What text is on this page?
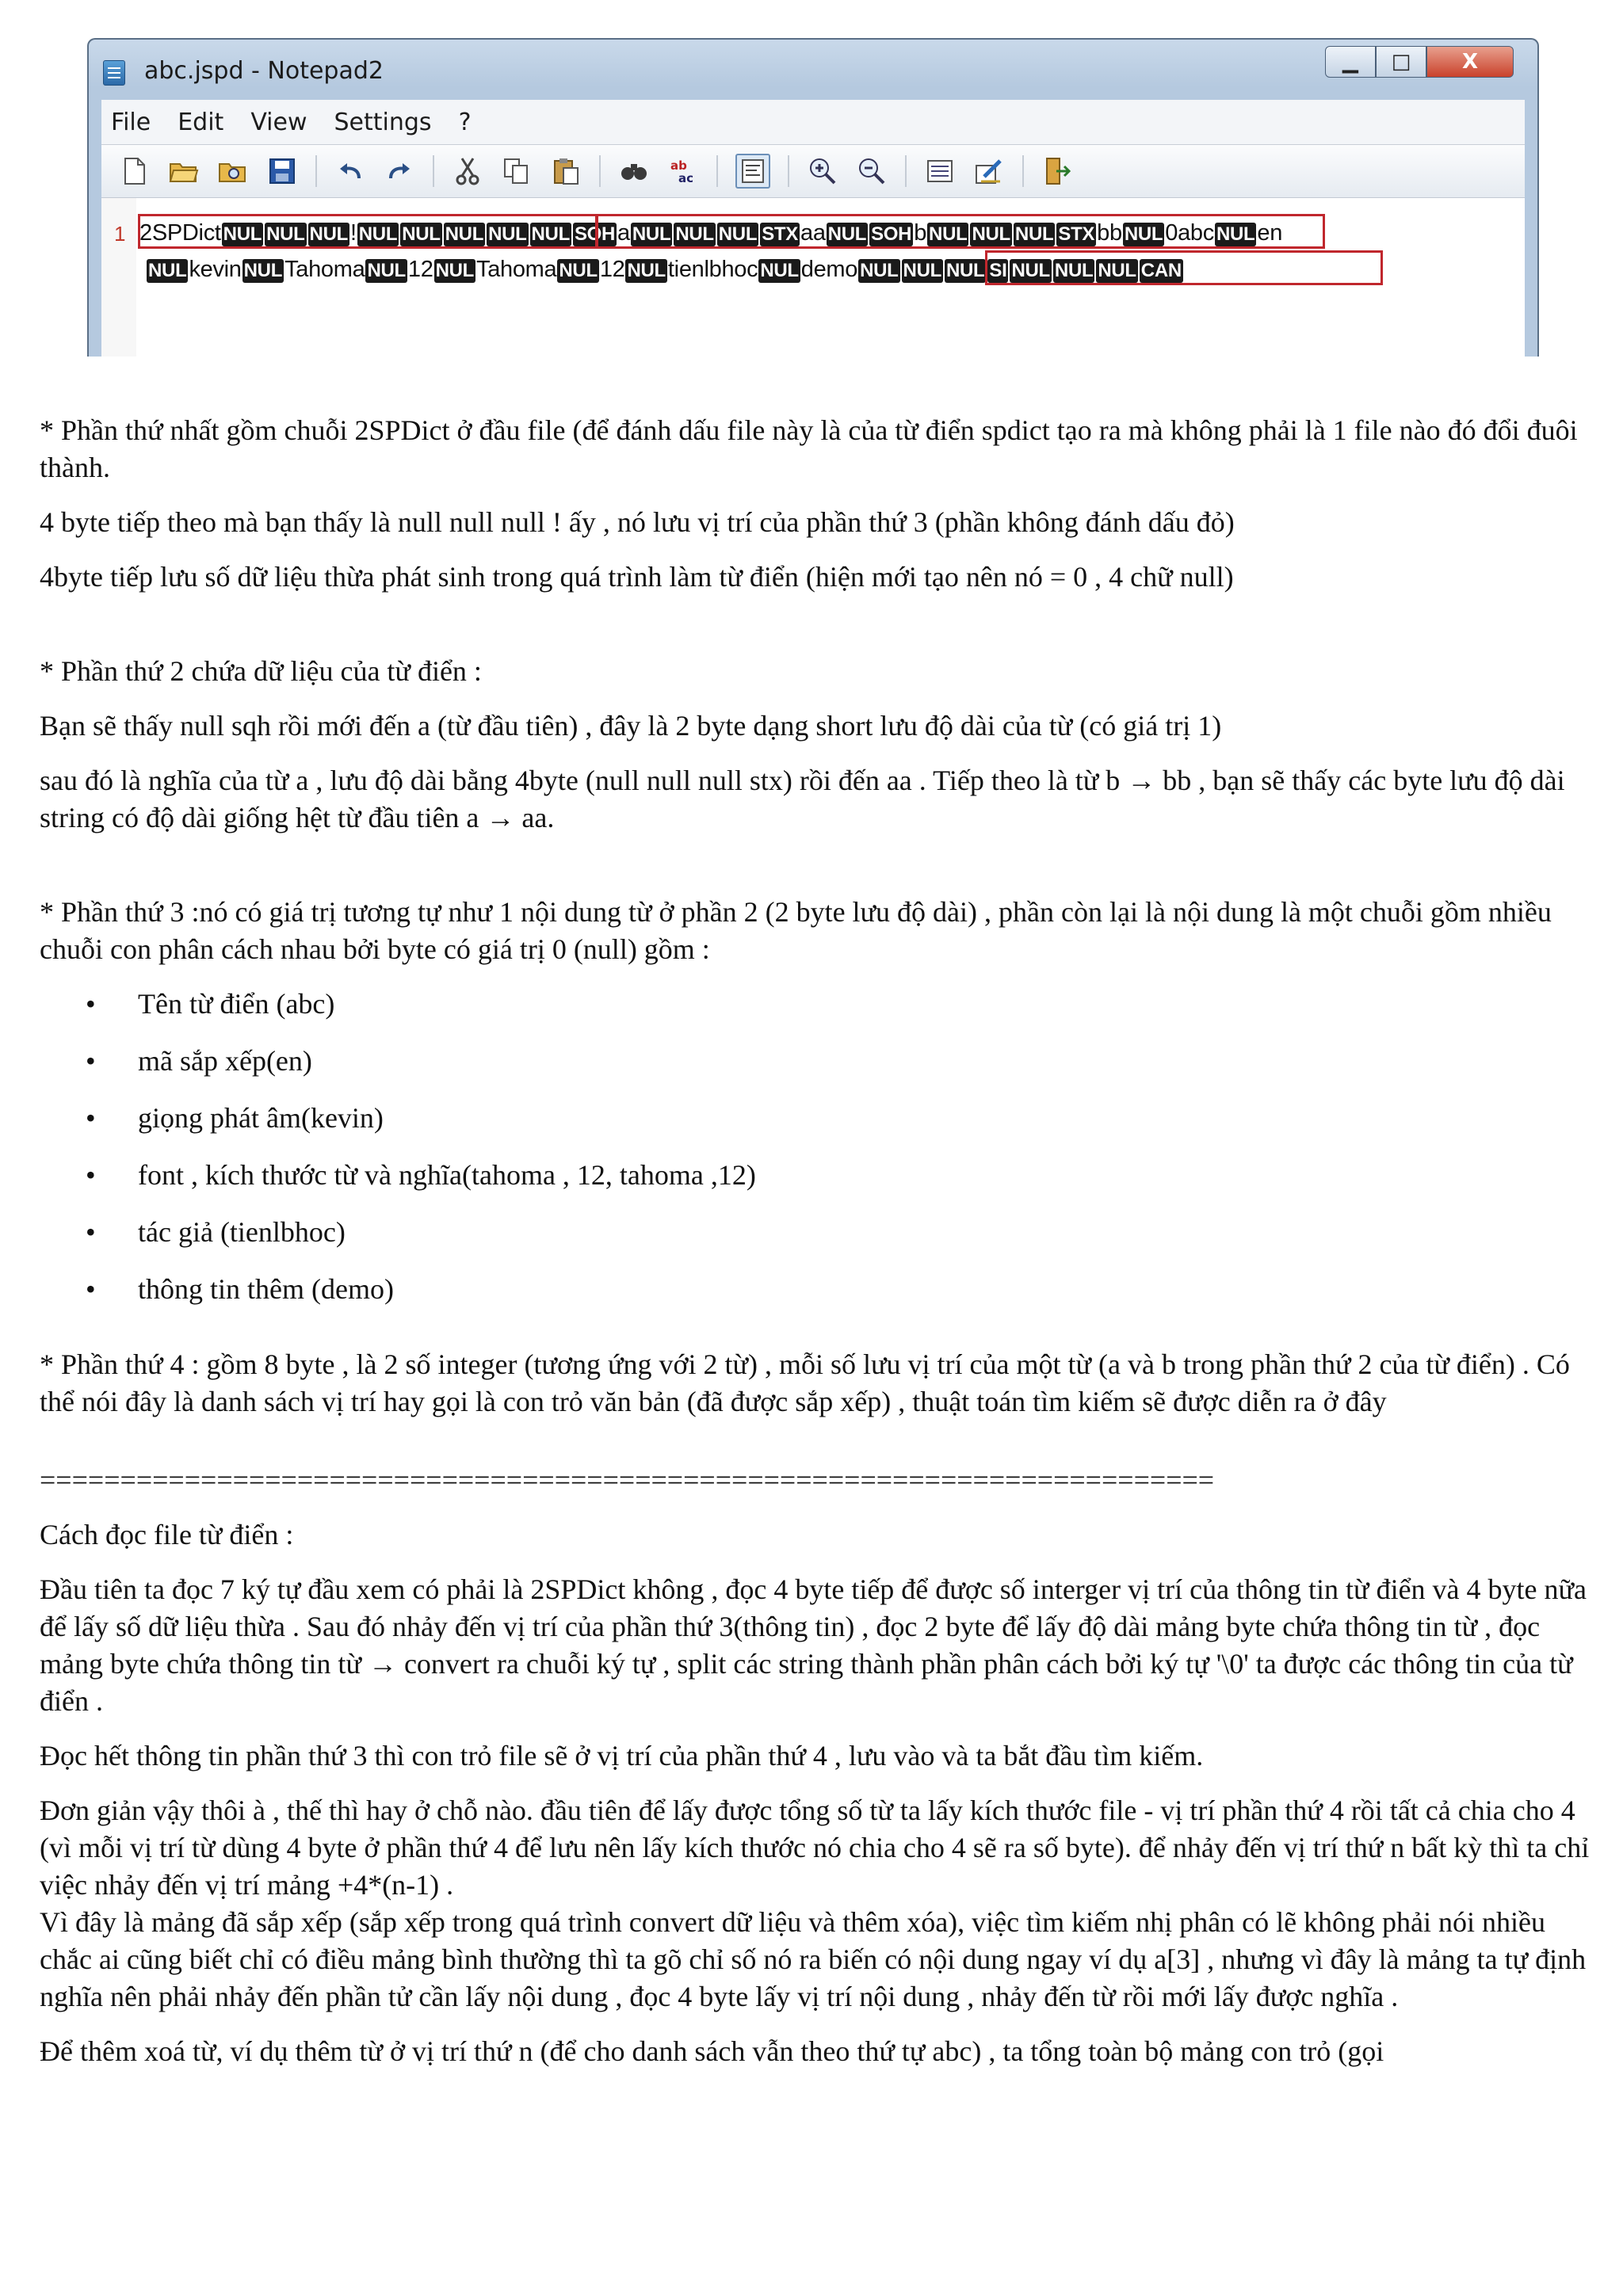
abc.jspd - Notepad2	▁	□	X
File Edit View Settings ?
ab
ac
1 2SPDict NUL NUL NUL ! NUL NUL NUL NUL NUL SOH a NUL NUL NUL STX aa NUL SOH b NUL NUL NUL STX bb NUL 0abc NUL en
NUL kevin NUL Tahoma NUL 12 NUL Tahoma NUL 12 NUL tienlbhoc NUL demo NUL NUL NUL SI NUL NUL NUL CAN

* Phần thứ nhất gồm chuỗi 2SPDict ở đầu file (để đánh dấu file này là của từ điển spdict tạo ra mà không phải là 1 file nào đó đổi đuôi thành.

4 byte tiếp theo mà bạn thấy là null null null ! ấy , nó lưu vị trí của phần thứ 3 (phần không đánh dấu đỏ)

4byte tiếp lưu số dữ liệu thừa phát sinh trong quá trình làm từ điển (hiện mới tạo nên nó = 0 , 4 chữ null)

* Phần thứ 2 chứa dữ liệu của từ điển :

Bạn sẽ thấy null sqh rồi mới đến a (từ đầu tiên) , đây là 2 byte dạng short lưu độ dài của từ (có giá trị 1)

sau đó là nghĩa của từ a , lưu độ dài bằng 4byte (null null null stx) rồi đến aa . Tiếp theo là từ b → bb , bạn sẽ thấy các byte lưu độ dài string có độ dài giống hệt từ đầu tiên a → aa.

* Phần thứ 3 :nó có giá trị tương tự như 1 nội dung từ ở phần 2 (2 byte lưu độ dài) , phần còn lại là nội dung là một chuỗi gồm nhiều chuỗi con phân cách nhau bởi byte có giá trị 0 (null) gồm :

• Tên từ điển (abc)
• mã sắp xếp(en)
• giọng phát âm(kevin)
• font , kích thước từ và nghĩa(tahoma , 12, tahoma ,12)
• tác giả (tienlbhoc)
• thông tin thêm (demo)

* Phần thứ 4 : gồm 8 byte , là 2 số integer (tương ứng với 2 từ) , mỗi số lưu vị trí của một từ (a và b trong phần thứ 2 của từ điển) . Có thể nói đây là danh sách vị trí hay gọi là con trỏ văn bản (đã được sắp xếp) , thuật toán tìm kiếm sẽ được diễn ra ở đây

=========================================================================

Cách đọc file từ điển :

Đầu tiên ta đọc 7 ký tự đầu xem có phải là 2SPDict không , đọc 4 byte tiếp để được số interger vị trí của thông tin từ điển và 4 byte nữa để lấy số dữ liệu thừa . Sau đó nhảy đến vị trí của phần thứ 3(thông tin) , đọc 2 byte để lấy độ dài mảng byte chứa thông tin từ , đọc mảng byte chứa thông tin từ → convert ra chuỗi ký tự , split các string thành phần phân cách bởi ký tự '\0' ta được các thông tin của từ điển .

Đọc hết thông tin phần thứ 3 thì con trỏ file sẽ ở vị trí của phần thứ 4 , lưu vào và ta bắt đầu tìm kiếm.

Đơn giản vậy thôi à , thế thì hay ở chỗ nào. đầu tiên để lấy được tổng số từ ta lấy kích thước file - vị trí phần thứ 4 rồi tất cả chia cho 4 (vì mỗi vị trí từ dùng 4 byte ở phần thứ 4 để lưu nên lấy kích thước nó chia cho 4 sẽ ra số byte). để nhảy đến vị trí thứ n bất kỳ thì ta chỉ việc nhảy đến vị trí mảng +4*(n-1) .

Vì đây là mảng đã sắp xếp (sắp xếp trong quá trình convert dữ liệu và thêm xóa), việc tìm kiếm nhị phân có lẽ không phải nói nhiều chắc ai cũng biết chỉ có điều mảng bình thường thì ta gõ chỉ số nó ra biến có nội dung ngay ví dụ a[3] , nhưng vì đây là mảng ta tự định nghĩa nên phải nhảy đến phần tử cần lấy nội dung , đọc 4 byte lấy vị trí nội dung , nhảy đến từ rồi mới lấy được nghĩa .

Để thêm xoá từ, ví dụ thêm từ ở vị trí thứ n (để cho danh sách vẫn theo thứ tự abc) , ta tổng toàn bộ mảng con trỏ (gọi
